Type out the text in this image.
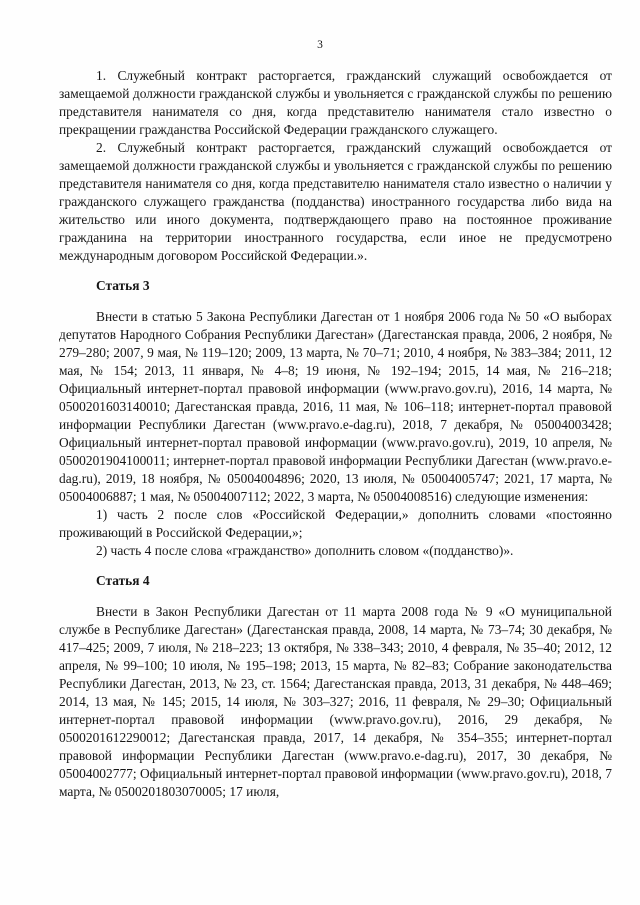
3

1. Служебный контракт расторгается, гражданский служащий освобождается от замещаемой должности гражданской службы и увольняется с гражданской службы по решению представителя нанимателя со дня, когда представителю нанимателя стало известно о прекращении гражданства Российской Федерации гражданского служащего.

2. Служебный контракт расторгается, гражданский служащий освобождается от замещаемой должности гражданской службы и увольняется с гражданской службы по решению представителя нанимателя со дня, когда представителю нанимателя стало известно о наличии у гражданского служащего гражданства (подданства) иностранного государства либо вида на жительство или иного документа, подтверждающего право на постоянное проживание гражданина на территории иностранного государства, если иное не предусмотрено международным договором Российской Федерации.».

Статья 3

Внести в статью 5 Закона Республики Дагестан от 1 ноября 2006 года № 50 «О выборах депутатов Народного Собрания Республики Дагестан» (Дагестанская правда, 2006, 2 ноября, № 279–280; 2007, 9 мая, № 119–120; 2009, 13 марта, № 70–71; 2010, 4 ноября, № 383–384; 2011, 12 мая, № 154; 2013, 11 января, № 4–8; 19 июня, № 192–194; 2015, 14 мая, № 216–218; Официальный интернет-портал правовой информации (www.pravo.gov.ru), 2016, 14 марта, № 0500201603140010; Дагестанская правда, 2016, 11 мая, № 106–118; интернет-портал правовой информации Республики Дагестан (www.pravo.e-dag.ru), 2018, 7 декабря, № 05004003428; Официальный интернет-портал правовой информации (www.pravo.gov.ru), 2019, 10 апреля, № 0500201904100011; интернет-портал правовой информации Республики Дагестан (www.pravo.e-dag.ru), 2019, 18 ноября, № 05004004896; 2020, 13 июля, № 05004005747; 2021, 17 марта, № 05004006887; 1 мая, № 05004007112; 2022, 3 марта, № 05004008516) следующие изменения:

1) часть 2 после слов «Российской Федерации,» дополнить словами «постоянно проживающий в Российской Федерации,»;

2) часть 4 после слова «гражданство» дополнить словом «(подданство)».

Статья 4

Внести в Закон Республики Дагестан от 11 марта 2008 года № 9 «О муниципальной службе в Республике Дагестан» (Дагестанская правда, 2008, 14 марта, № 73–74; 30 декабря, № 417–425; 2009, 7 июля, № 218–223; 13 октября, № 338–343; 2010, 4 февраля, № 35–40; 2012, 12 апреля, № 99–100; 10 июля, № 195–198; 2013, 15 марта, № 82–83; Собрание законодательства Республики Дагестан, 2013, № 23, ст. 1564; Дагестанская правда, 2013, 31 декабря, № 448–469; 2014, 13 мая, № 145; 2015, 14 июля, № 303–327; 2016, 11 февраля, № 29–30; Официальный интернет-портал правовой информации (www.pravo.gov.ru), 2016, 29 декабря, № 0500201612290012; Дагестанская правда, 2017, 14 декабря, № 354–355; интернет-портал правовой информации Республики Дагестан (www.pravo.e-dag.ru), 2017, 30 декабря, № 05004002777; Официальный интернет-портал правовой информации (www.pravo.gov.ru), 2018, 7 марта, № 0500201803070005; 17 июля,
